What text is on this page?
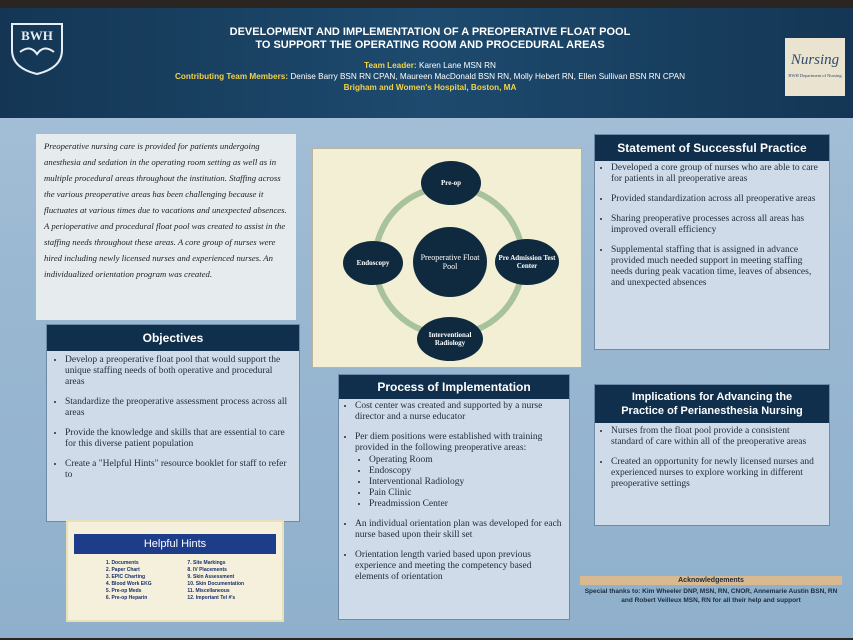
BWH	DEVELOPMENT AND IMPLEMENTATION OF A PREOPERATIVE FLOAT POOL
TO SUPPORT THE OPERATING ROOM AND PROCEDURAL AREAS
Team Leader: Karen Lane MSN RN
Contributing Team Members: Denise Barry BSN RN CPAN, Maureen MacDonald BSN RN, Molly Hebert RN, Ellen Sullivan BSN RN CPAN
Brigham and Women's Hospital, Boston, MA
Nursing
BWH Department of Nursing
Preoperative nursing care is provided for patients undergoing anesthesia and sedation in the operating room setting as well as in multiple procedural areas throughout the institution. Staffing across the various preoperative areas has been challenging because it fluctuates at various times due to vacations and unexpected absences. A perioperative and procedural float pool was created to assist in the staffing needs throughout these areas. A core group of nurses were hired including newly licensed nurses and experienced nurses. An individualized orientation program was created.
Preoperative Float Pool
Pre-op
Pre Admission Test Center
Interventional Radiology
Endoscopy
Objectives
• Develop a preoperative float pool that would support the unique staffing needs of both operative and procedural areas
• Standardize the preoperative assessment process across all areas
• Provide the knowledge and skills that are essential to care for this diverse patient population
• Create a "Helpful Hints" resource booklet for staff to refer to
Statement of Successful Practice
• Developed a core group of nurses who are able to care for patients in all preoperative areas
• Provided standardization across all preoperative areas
• Sharing preoperative processes across all areas has improved overall efficiency
• Supplemental staffing that is assigned in advance provided much needed support in meeting staffing needs during peak vacation time, leaves of absences, and unexpected absences
Process of Implementation
• Cost center was created and supported by a nurse director and a nurse educator
• Per diem positions were established with training provided in the following preoperative areas:
• Operating Room
• Endoscopy
• Interventional Radiology
• Pain Clinic
• Preadmission Center
• An individual orientation plan was developed for each nurse based upon their skill set
• Orientation length varied based upon previous experience and meeting the competency based elements of orientation
Implications for Advancing the
Practice of Perianesthesia Nursing
• Nurses from the float pool provide a consistent standard of care within all of the preoperative areas
• Created an opportunity for newly licensed nurses and experienced nurses to explore working in different preoperative settings
Helpful Hints
1. Documents
2. Paper Chart
3. EPIC Charting
4. Blood Work EKG
5. Pre-op Meds
6. Pre-op Heparin
7. Site Markings
8. IV Placements
9. Skin Assessment
10. Skin Documentation
11. Miscellaneous
12. Important Tel #'s
Acknowledgements
Special thanks to: Kim Wheeler DNP, MSN, RN, CNOR, Annemarie Austin BSN, RN and Robert Veilleux MSN, RN for all their help and support
